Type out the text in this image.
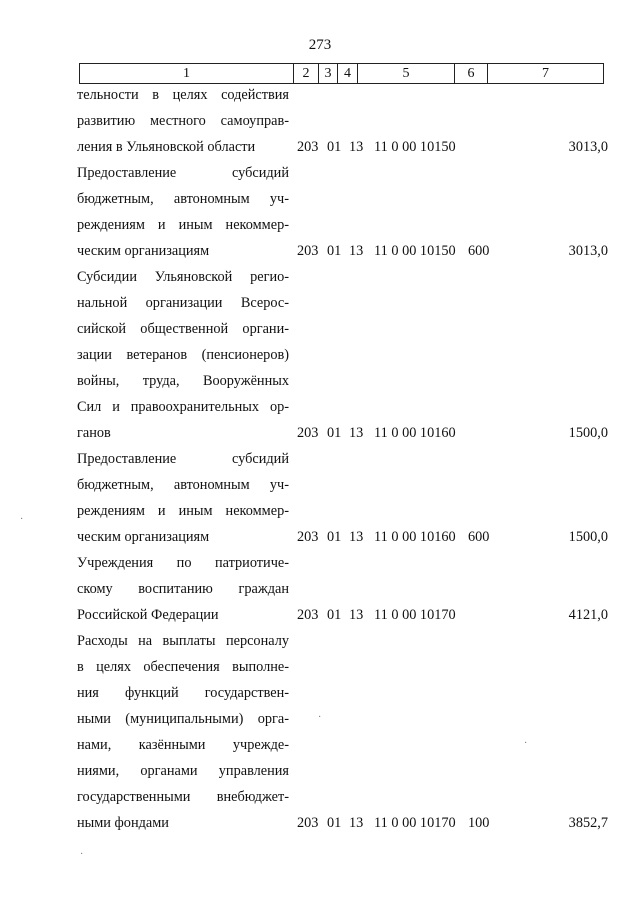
273
1	2	3	4	5	6	7
тельности в целях содействия
развитию местного самоуправ-
ления в Ульяновской области	203 01 13 11 0 00 10150	3013,0
Предоставление субсидий
бюджетным, автономным уч-
реждениям и иным некоммер-
ческим организациям	203 01 13 11 0 00 10150 600	3013,0
Субсидии Ульяновской регио-
нальной организации Всерос-
сийской общественной органи-
зации ветеранов (пенсионеров)
войны, труда, Вооружённых
Сил и правоохранительных ор-
ганов	203 01 13 11 0 00 10160	1500,0
Предоставление субсидий
бюджетным, автономным уч-
реждениям и иным некоммер-
ческим организациям	203 01 13 11 0 00 10160 600	1500,0
Учреждения по патриотиче-
скому воспитанию граждан
Российской Федерации	203 01 13 11 0 00 10170	4121,0
Расходы на выплаты персоналу
в целях обеспечения выполне-
ния функций государствен-
ными (муниципальными) орга-
нами, казёнными учрежде-
ниями, органами управления
государственными внебюджет-
ными фондами	203 01 13 11 0 00 10170 100	3852,7
·
·
·
·
